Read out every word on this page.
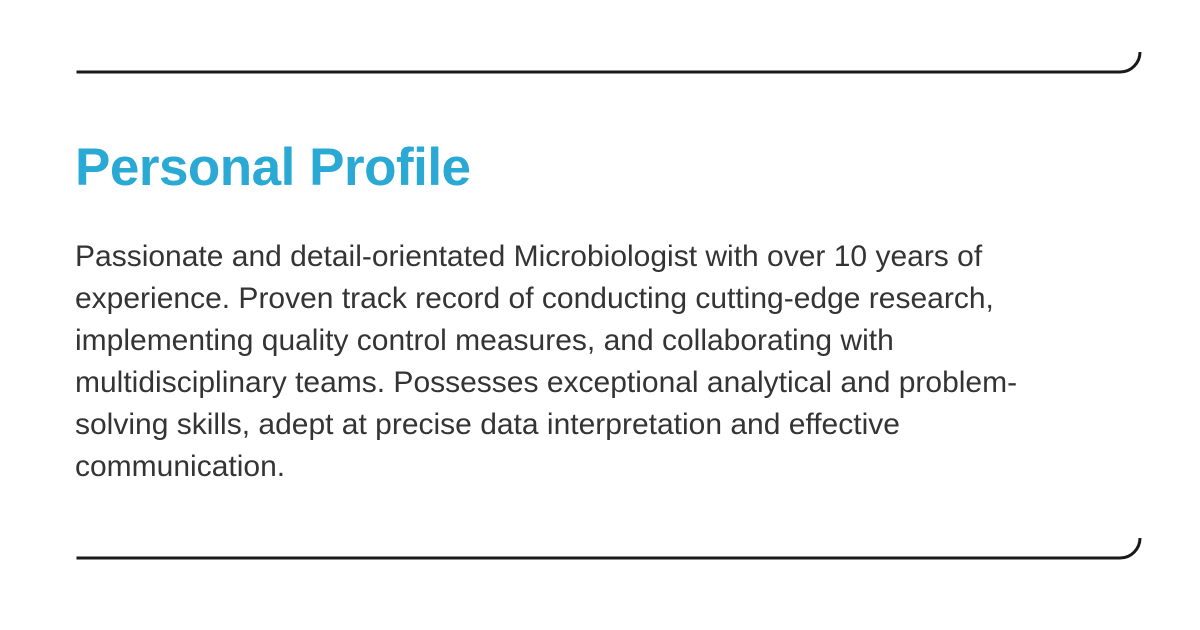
Personal Profile
Passionate and detail-orientated Microbiologist with over 10 years of
experience. Proven track record of conducting cutting-edge research,
implementing quality control measures, and collaborating with
multidisciplinary teams. Possesses exceptional analytical and problem-
solving skills, adept at precise data interpretation and effective
communication.
